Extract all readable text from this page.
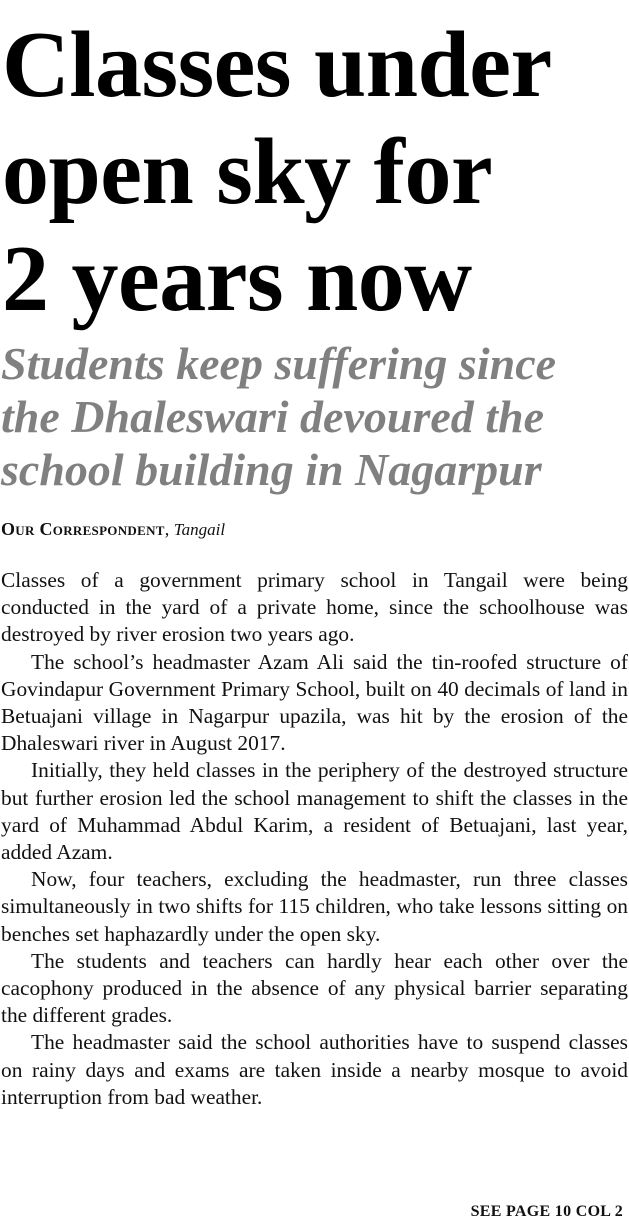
Classes under
open sky for
2 years now
Students keep suffering since
the Dhaleswari devoured the
school building in Nagarpur
Our Correspondent, Tangail

Classes of a government primary school in Tangail were being conducted in the yard of a private home, since the schoolhouse was destroyed by river erosion two years ago.

The school’s headmaster Azam Ali said the tin-roofed structure of Govindapur Government Primary School, built on 40 decimals of land in Betuajani village in Nagarpur upazila, was hit by the erosion of the Dhaleswari river in August 2017.

Initially, they held classes in the periphery of the destroyed structure but further erosion led the school management to shift the classes in the yard of Muhammad Abdul Karim, a resident of Betuajani, last year, added Azam.

Now, four teachers, excluding the headmaster, run three classes simultaneously in two shifts for 115 children, who take lessons sitting on benches set haphazardly under the open sky.

The students and teachers can hardly hear each other over the cacophony produced in the absence of any physical barrier separating the different grades.

The headmaster said the school authorities have to suspend classes on rainy days and exams are taken inside a nearby mosque to avoid interruption from bad weather.

SEE PAGE 10 COL 2
